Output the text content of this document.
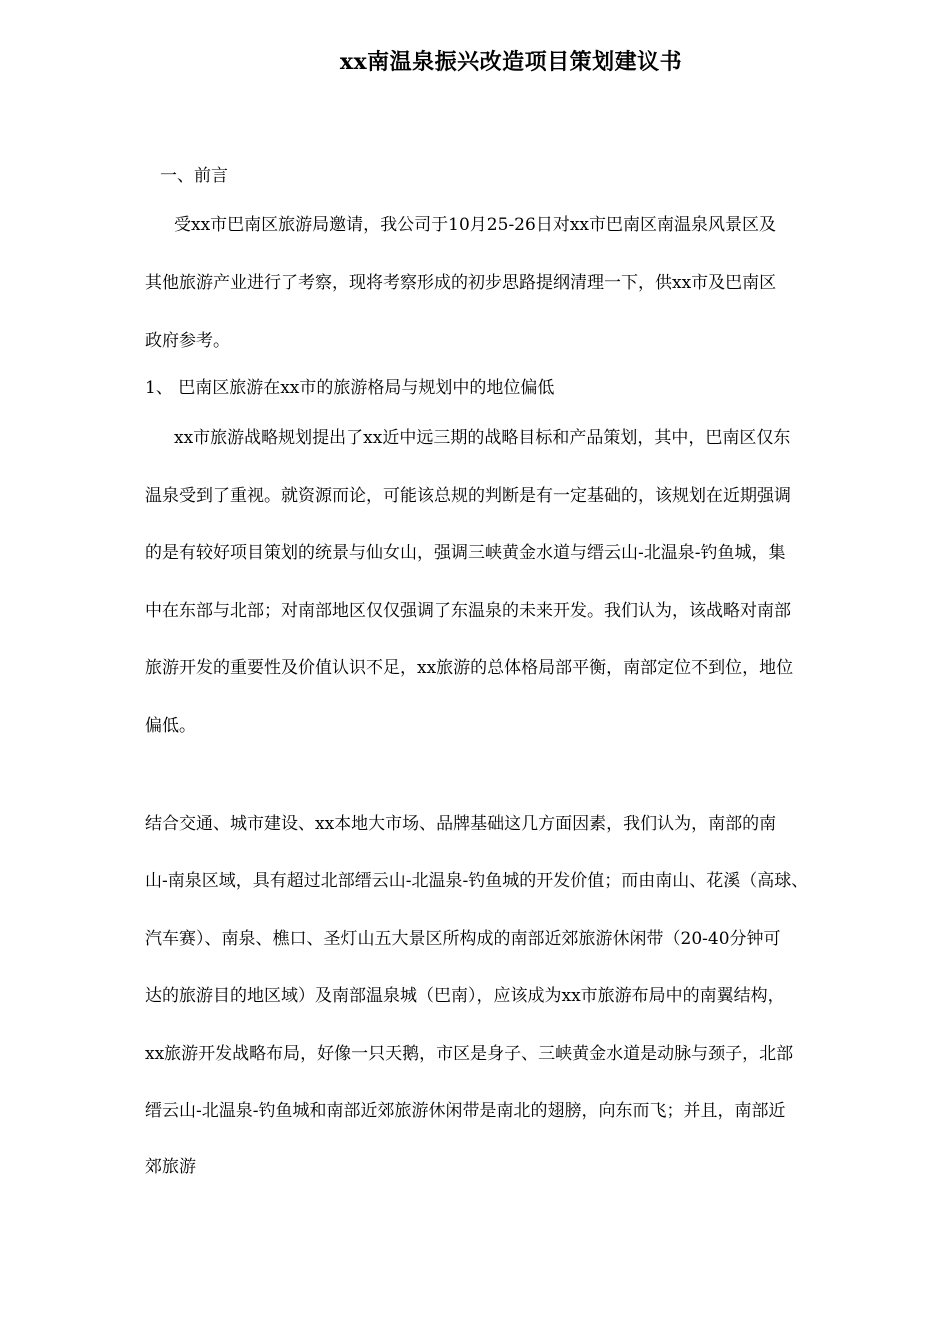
xx南温泉振兴改造项目策划建议书
一、前言
受xx市巴南区旅游局邀请，我公司于10月25-26日对xx市巴南区南温泉风景区及
其他旅游产业进行了考察，现将考察形成的初步思路提纲清理一下，供xx市及巴南区
政府参考。
1、 巴南区旅游在xx市的旅游格局与规划中的地位偏低
xx市旅游战略规划提出了xx近中远三期的战略目标和产品策划，其中，巴南区仅东
温泉受到了重视。就资源而论，可能该总规的判断是有一定基础的，该规划在近期强调
的是有较好项目策划的统景与仙女山，强调三峡黄金水道与缙云山-北温泉-钓鱼城，集
中在东部与北部；对南部地区仅仅强调了东温泉的未来开发。我们认为，该战略对南部
旅游开发的重要性及价值认识不足，xx旅游的总体格局部平衡，南部定位不到位，地位
偏低。
结合交通、城市建设、xx本地大市场、品牌基础这几方面因素，我们认为，南部的南
山-南泉区域，具有超过北部缙云山-北温泉-钓鱼城的开发价值；而由南山、花溪（高球、
汽车赛）、南泉、樵口、圣灯山五大景区所构成的南部近郊旅游休闲带（20-40分钟可
达的旅游目的地区域）及南部温泉城（巴南），应该成为xx市旅游布局中的南翼结构，
xx旅游开发战略布局，好像一只天鹅，市区是身子、三峡黄金水道是动脉与颈子，北部
缙云山-北温泉-钓鱼城和南部近郊旅游休闲带是南北的翅膀，向东而飞；并且，南部近
郊旅游
